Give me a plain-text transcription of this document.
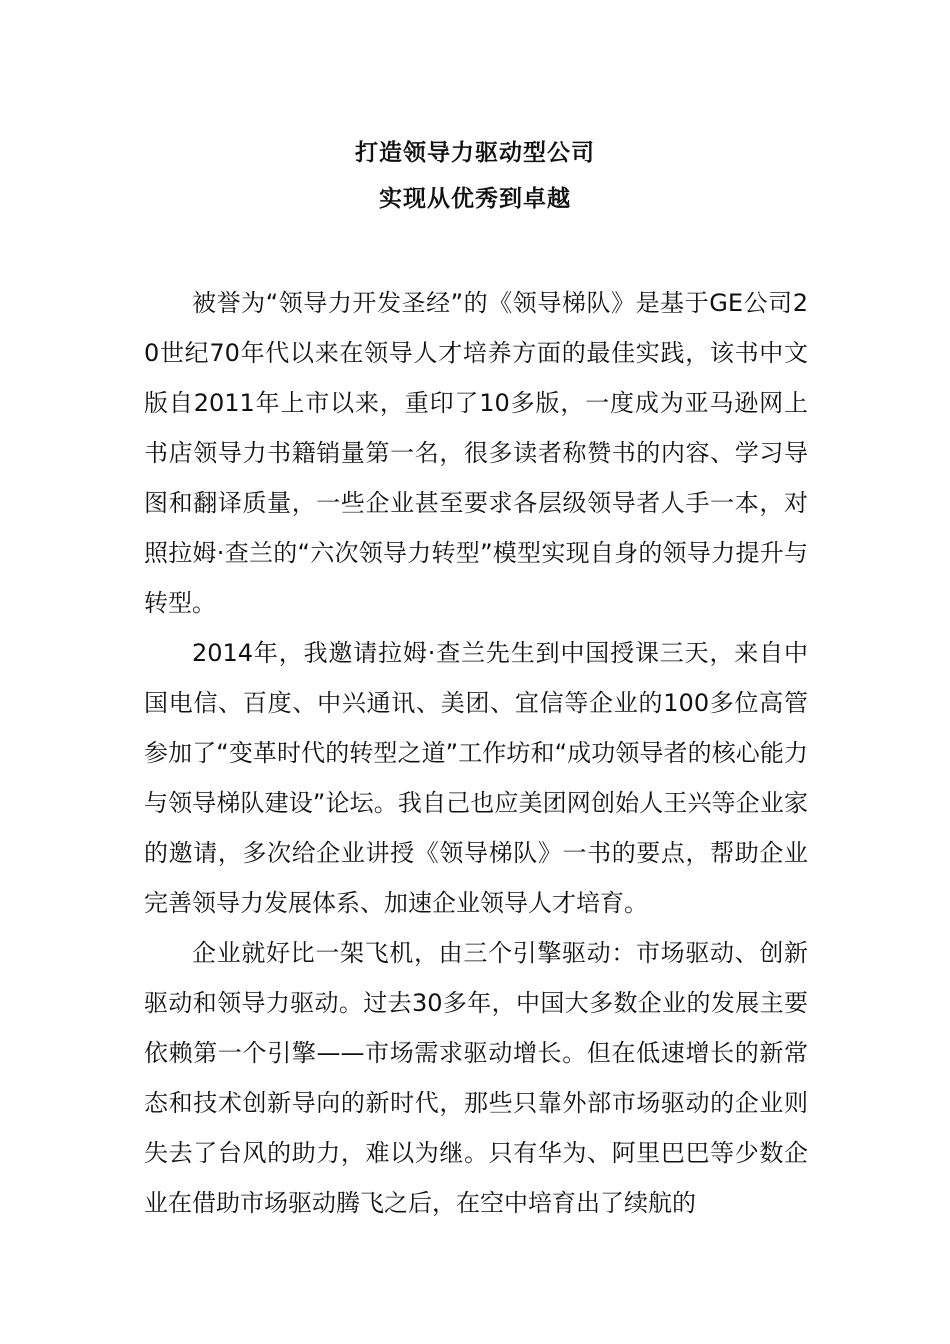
打造领导力驱动型公司

实现从优秀到卓越

被誉为“领导力开发圣经”的《领导梯队》是基于GE公司20世纪70年代以来在领导人才培养方面的最佳实践，该书中文版自2011年上市以来，重印了10多版，一度成为亚马逊网上书店领导力书籍销量第一名，很多读者称赞书的内容、学习导图和翻译质量，一些企业甚至要求各层级领导者人手一本，对照拉姆·查兰的“六次领导力转型”模型实现自身的领导力提升与转型。

2014年，我邀请拉姆·查兰先生到中国授课三天，来自中国电信、百度、中兴通讯、美团、宜信等企业的100多位高管参加了“变革时代的转型之道”工作坊和“成功领导者的核心能力与领导梯队建设”论坛。我自己也应美团网创始人王兴等企业家的邀请，多次给企业讲授《领导梯队》一书的要点，帮助企业完善领导力发展体系、加速企业领导人才培育。

企业就好比一架飞机，由三个引擎驱动：市场驱动、创新驱动和领导力驱动。过去30多年，中国大多数企业的发展主要依赖第一个引擎——市场需求驱动增长。但在低速增长的新常态和技术创新导向的新时代，那些只靠外部市场驱动的企业则失去了台风的助力，难以为继。只有华为、阿里巴巴等少数企业在借助市场驱动腾飞之后，在空中培育出了续航的
